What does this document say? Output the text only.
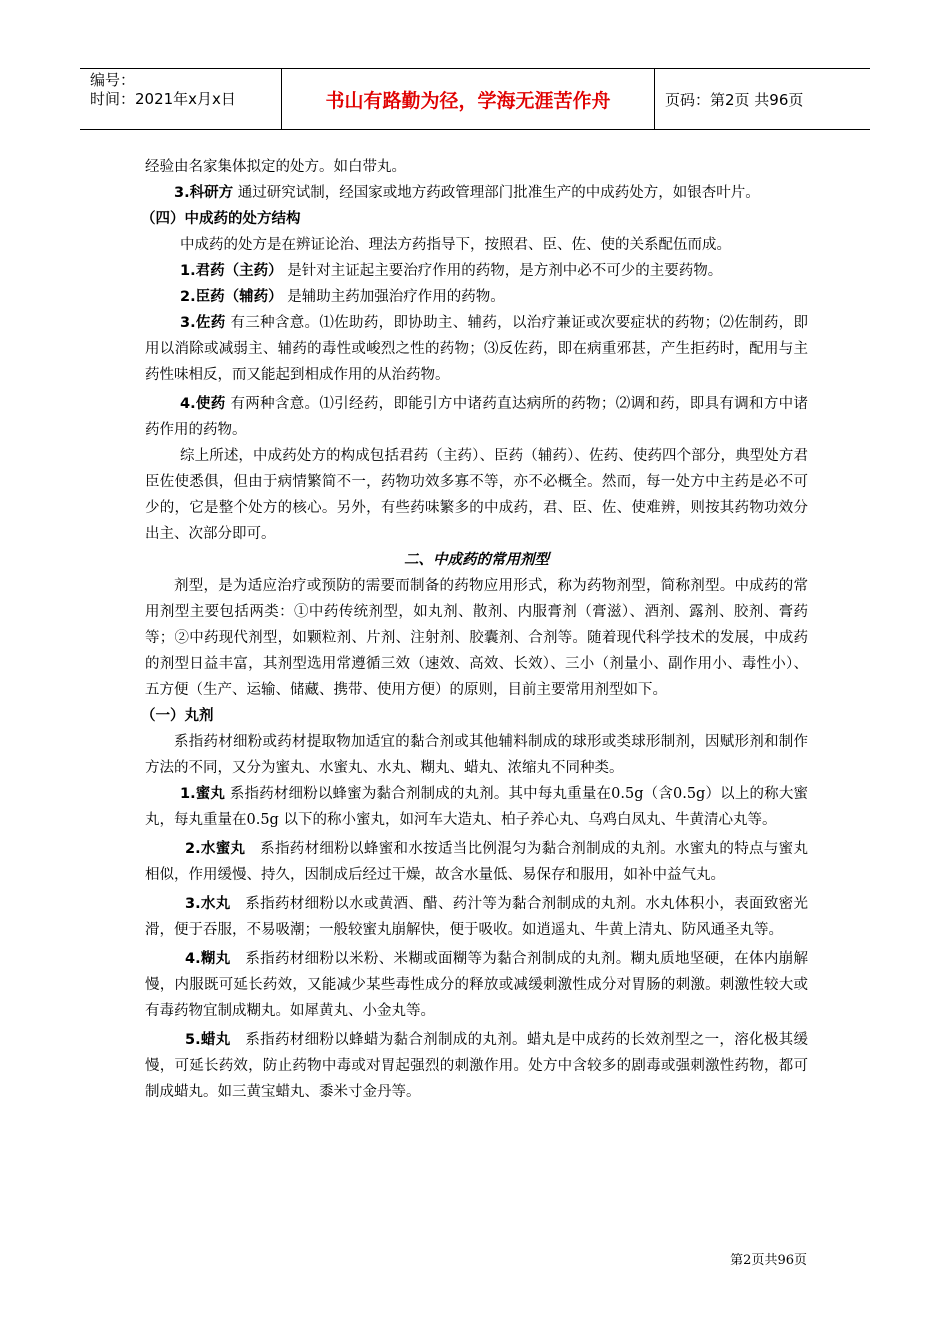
编号：
时间：2021年x月x日	书山有路勤为径，学海无涯苦作舟	页码：第2页 共96页

经验由名家集体拟定的处方。如白带丸。

3.科研方 通过研究试制，经国家或地方药政管理部门批准生产的中成药处方，如银杏叶片。

（四）中成药的处方结构

中成药的处方是在辨证论治、理法方药指导下，按照君、臣、佐、使的关系配伍而成。

1.君药（主药） 是针对主证起主要治疗作用的药物，是方剂中必不可少的主要药物。

2.臣药（辅药） 是辅助主药加强治疗作用的药物。

3.佐药 有三种含意。⑴佐助药，即协助主、辅药，以治疗兼证或次要症状的药物；⑵佐制药，即用以消除或减弱主、辅药的毒性或峻烈之性的药物；⑶反佐药，即在病重邪甚，产生拒药时，配用与主药性味相反，而又能起到相成作用的从治药物。

4.使药 有两种含意。⑴引经药，即能引方中诸药直达病所的药物；⑵调和药，即具有调和方中诸药作用的药物。

综上所述，中成药处方的构成包括君药（主药）、臣药（辅药）、佐药、使药四个部分，典型处方君臣佐使悉俱，但由于病情繁简不一，药物功效多寡不等，亦不必概全。然而，每一处方中主药是必不可少的，它是整个处方的核心。另外，有些药味繁多的中成药，君、臣、佐、使难辨，则按其药物功效分出主、次部分即可。

二、中成药的常用剂型

剂型，是为适应治疗或预防的需要而制备的药物应用形式，称为药物剂型，简称剂型。中成药的常用剂型主要包括两类：①中药传统剂型，如丸剂、散剂、内服膏剂（膏滋）、酒剂、露剂、胶剂、膏药等；②中药现代剂型，如颗粒剂、片剂、注射剂、胶囊剂、合剂等。随着现代科学技术的发展，中成药的剂型日益丰富，其剂型选用常遵循三效（速效、高效、长效）、三小（剂量小、副作用小、毒性小）、五方便（生产、运输、储藏、携带、使用方便）的原则，目前主要常用剂型如下。

（一）丸剂

系指药材细粉或药材提取物加适宜的黏合剂或其他辅料制成的球形或类球形制剂，因赋形剂和制作方法的不同，又分为蜜丸、水蜜丸、水丸、糊丸、蜡丸、浓缩丸不同种类。

1.蜜丸 系指药材细粉以蜂蜜为黏合剂制成的丸剂。其中每丸重量在0.5g（含0.5g）以上的称大蜜丸，每丸重量在0.5g 以下的称小蜜丸，如河车大造丸、柏子养心丸、乌鸡白凤丸、牛黄清心丸等。

2.水蜜丸　系指药材细粉以蜂蜜和水按适当比例混匀为黏合剂制成的丸剂。水蜜丸的特点与蜜丸相似，作用缓慢、持久，因制成后经过干燥，故含水量低、易保存和服用，如补中益气丸。

3.水丸　系指药材细粉以水或黄酒、醋、药汁等为黏合剂制成的丸剂。水丸体积小，表面致密光滑，便于吞服，不易吸潮；一般较蜜丸崩解快，便于吸收。如逍遥丸、牛黄上清丸、防风通圣丸等。

4.糊丸　系指药材细粉以米粉、米糊或面糊等为黏合剂制成的丸剂。糊丸质地坚硬，在体内崩解慢，内服既可延长药效，又能减少某些毒性成分的释放或减缓刺激性成分对胃肠的刺激。刺激性较大或有毒药物宜制成糊丸。如犀黄丸、小金丸等。

5.蜡丸　系指药材细粉以蜂蜡为黏合剂制成的丸剂。蜡丸是中成药的长效剂型之一，溶化极其缓慢，可延长药效，防止药物中毒或对胃起强烈的刺激作用。处方中含较多的剧毒或强刺激性药物，都可制成蜡丸。如三黄宝蜡丸、黍米寸金丹等。

第2页共96页
